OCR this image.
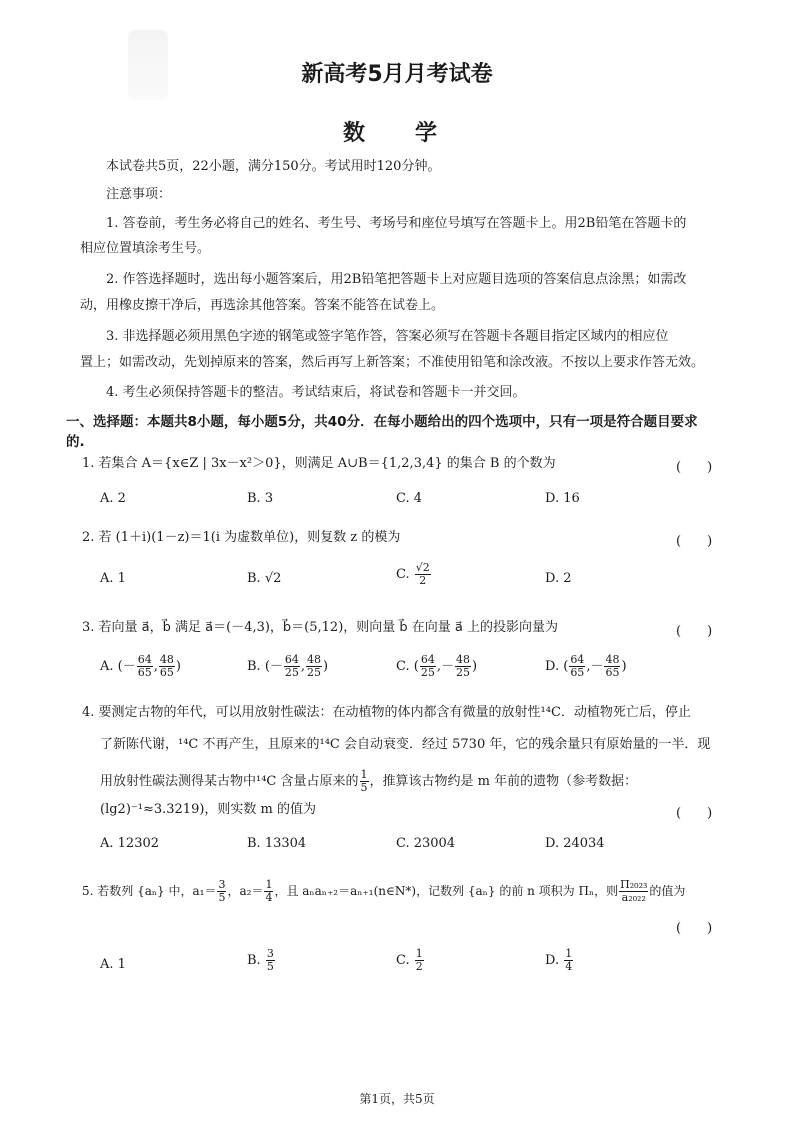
新高考5月月考试卷
数　学
本试卷共5页，22小题，满分150分。考试用时120分钟。
注意事项：
1. 答卷前，考生务必将自己的姓名、考生号、考场号和座位号填写在答题卡上。用2B铅笔在答题卡的
相应位置填涂考生号。
2. 作答选择题时，选出每小题答案后，用2B铅笔把答题卡上对应题目选项的答案信息点涂黑；如需改
动，用橡皮擦干净后，再选涂其他答案。答案不能答在试卷上。
3. 非选择题必须用黑色字迹的钢笔或签字笔作答，答案必须写在答题卡各题目指定区域内的相应位
置上；如需改动，先划掉原来的答案，然后再写上新答案；不准使用铅笔和涂改液。不按以上要求作答无效。
4. 考生必须保持答题卡的整洁。考试结束后，将试卷和答题卡一并交回。
一、选择题：本题共8小题，每小题5分，共40分．在每小题给出的四个选项中，只有一项是符合题目要求
的.
1. 若集合 A＝{x∈Z | 3x－x²＞0}，则满足 A∪B＝{1,2,3,4} 的集合 B 的个数为	(　　)
A. 2	B. 3	C. 4	D. 16
2. 若 (1＋i)(1－z)＝1(i 为虚数单位)，则复数 z 的模为	(　　)
A. 1	B. √2	C. $\frac{√2}{2}$	D. 2
3. 若向量 a⃗，b⃗ 满足 a⃗＝(－4,3)，b⃗＝(5,12)，则向量 b⃗ 在向量 a⃗ 上的投影向量为	(　　)
A. (－ $\frac{64}{65}$ , $\frac{48}{65}$ )	B. (－ $\frac{64}{25}$ , $\frac{48}{25}$ )	C. ( $\frac{64}{25}$ ,－ $\frac{48}{25}$ )	D. ( $\frac{64}{65}$ ,－ $\frac{48}{65}$ )
4. 要测定古物的年代，可以用放射性碳法：在动植物的体内都含有微量的放射性¹⁴C．动植物死亡后，停止
了新陈代谢，¹⁴C 不再产生，且原来的¹⁴C 会自动衰变．经过 5730 年，它的残余量只有原始量的一半．现
用放射性碳法测得某古物中¹⁴C 含量占原来的 $\frac{1}{5}$ ，推算该古物约是 m 年前的遗物（参考数据：
(lg2)⁻¹≈3.3219)，则实数 m 的值为	(　　)
A. 12302	B. 13304	C. 23004	D. 24034
5. 若数列 {aₙ} 中，$a_1= \frac{3}{5}$ ，$a_2= \frac{1}{4}$ ，且 aₙaₙ₊₂＝aₙ₊₁(n∈N*)，记数列 {aₙ} 的前 n 项积为 Πₙ，则 $\frac{\text{Π₂₀₂₃}}{\text{a₂₀₂₂}}$ 的值为
(　　)
A. 1	B. $\frac{3}{5}$	C. $\frac{1}{2}$	D. $\frac{1}{4}$
第1页，共5页
